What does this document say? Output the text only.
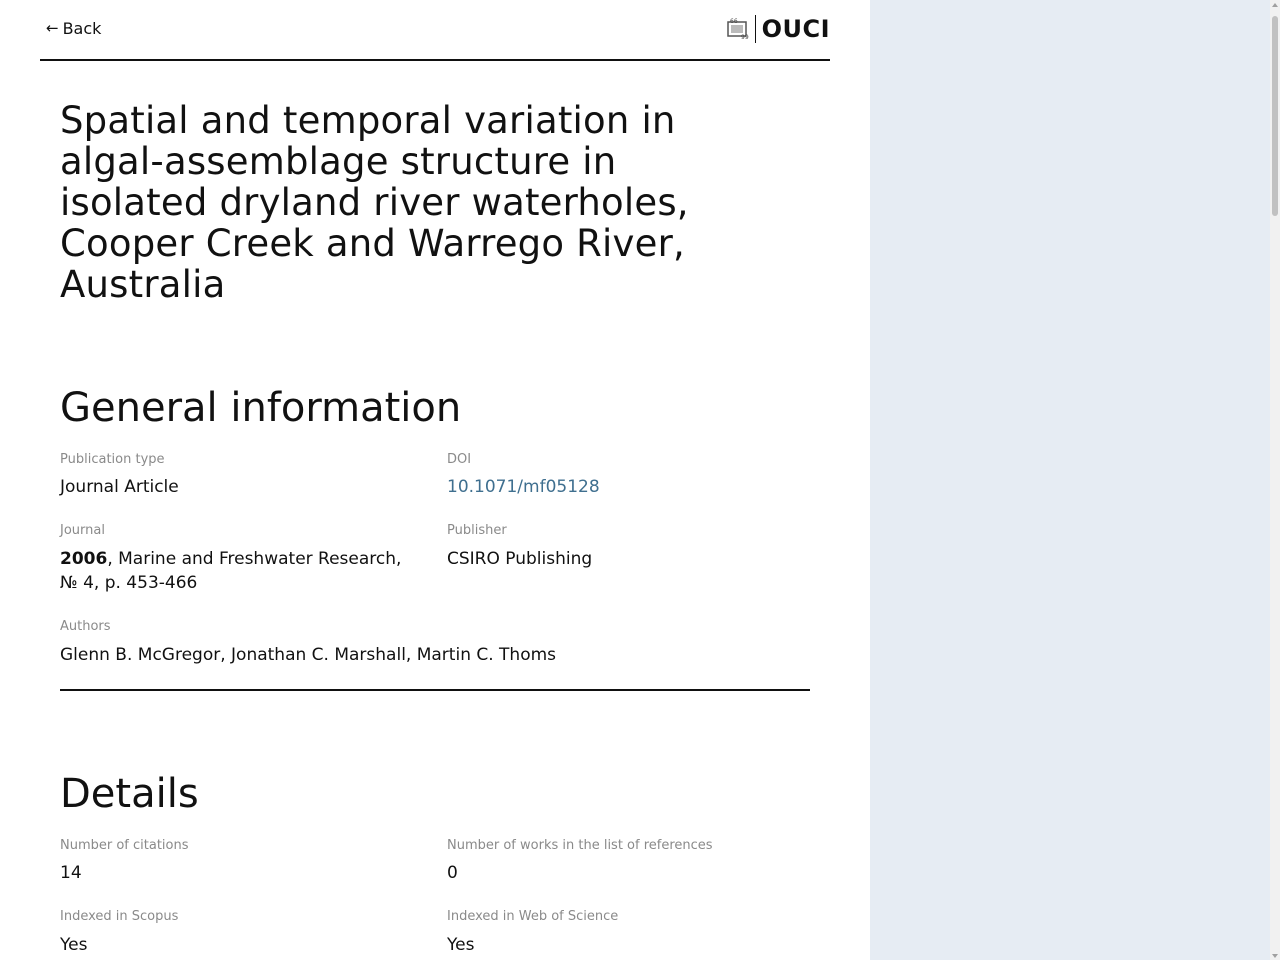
← Back	66
99 OUCI
Spatial and temporal variation in algal-assemblage structure in isolated dryland river waterholes, Cooper Creek and Warrego River, Australia
General information
Publication type
Journal Article
DOI
10.1071/mf05128
Journal
2006, Marine and Freshwater Research,
№ 4, p. 453-466
Publisher
CSIRO Publishing
Authors
Glenn B. McGregor, Jonathan C. Marshall, Martin C. Thoms
Details
Number of citations
14
Number of works in the list of references
0
Indexed in Scopus
Yes
Indexed in Web of Science
Yes
